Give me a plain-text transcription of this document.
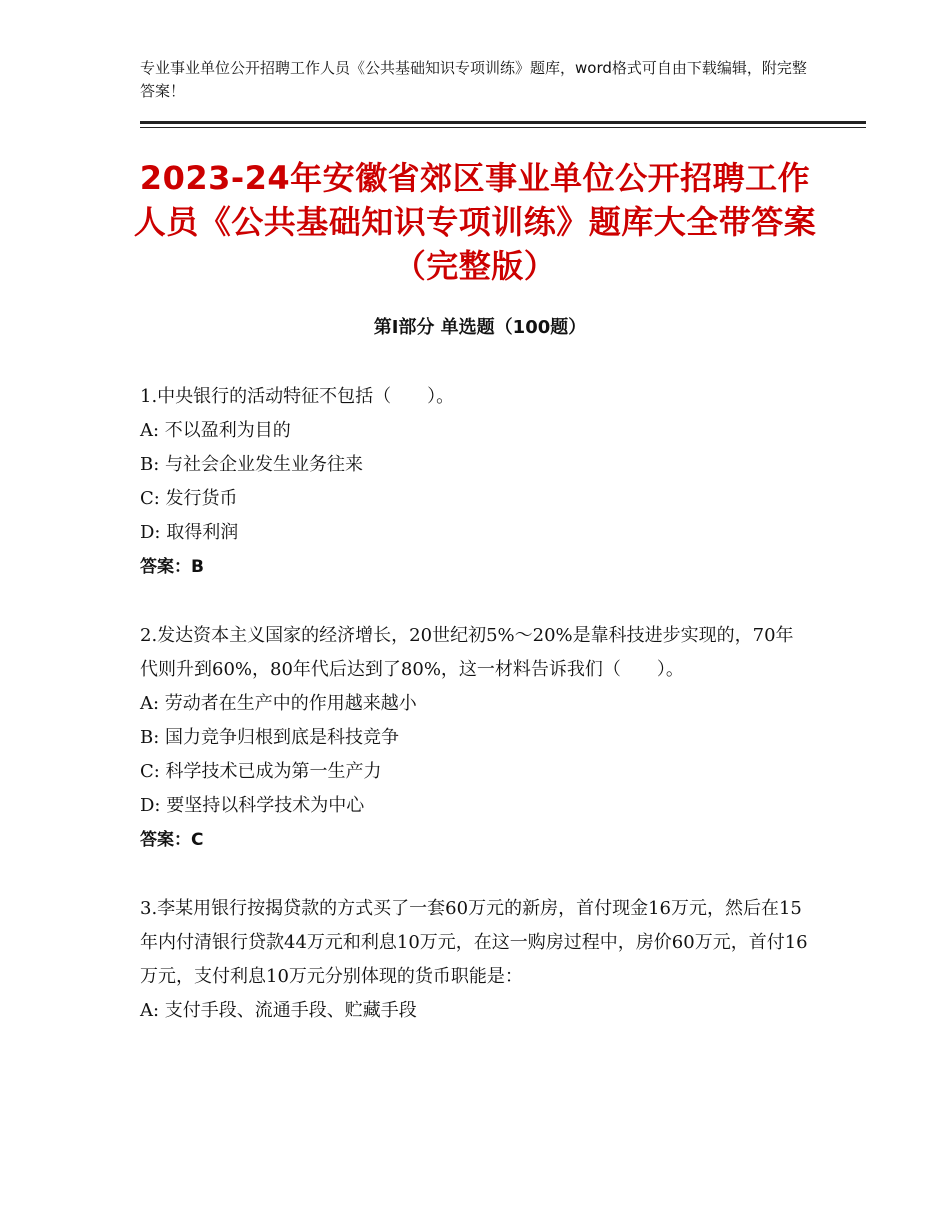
专业事业单位公开招聘工作人员《公共基础知识专项训练》题库，word格式可自由下载编辑，附完整答案！
2023-24年安徽省郊区事业单位公开招聘工作人员《公共基础知识专项训练》题库大全带答案（完整版）
第Ⅰ部分 单选题（100题）

1.中央银行的活动特征不包括（　　）。

A: 不以盈利为目的

B: 与社会企业发生业务往来

C: 发行货币

D: 取得利润

答案：B

2.发达资本主义国家的经济增长，20世纪初5%～20%是靠科技进步实现的，70年代则升到60%，80年代后达到了80%，这一材料告诉我们（　　）。

A: 劳动者在生产中的作用越来越小

B: 国力竞争归根到底是科技竞争

C: 科学技术已成为第一生产力

D: 要坚持以科学技术为中心

答案：C

3.李某用银行按揭贷款的方式买了一套60万元的新房，首付现金16万元，然后在15年内付清银行贷款44万元和利息10万元，在这一购房过程中，房价60万元，首付16万元，支付利息10万元分别体现的货币职能是：

A: 支付手段、流通手段、贮藏手段
